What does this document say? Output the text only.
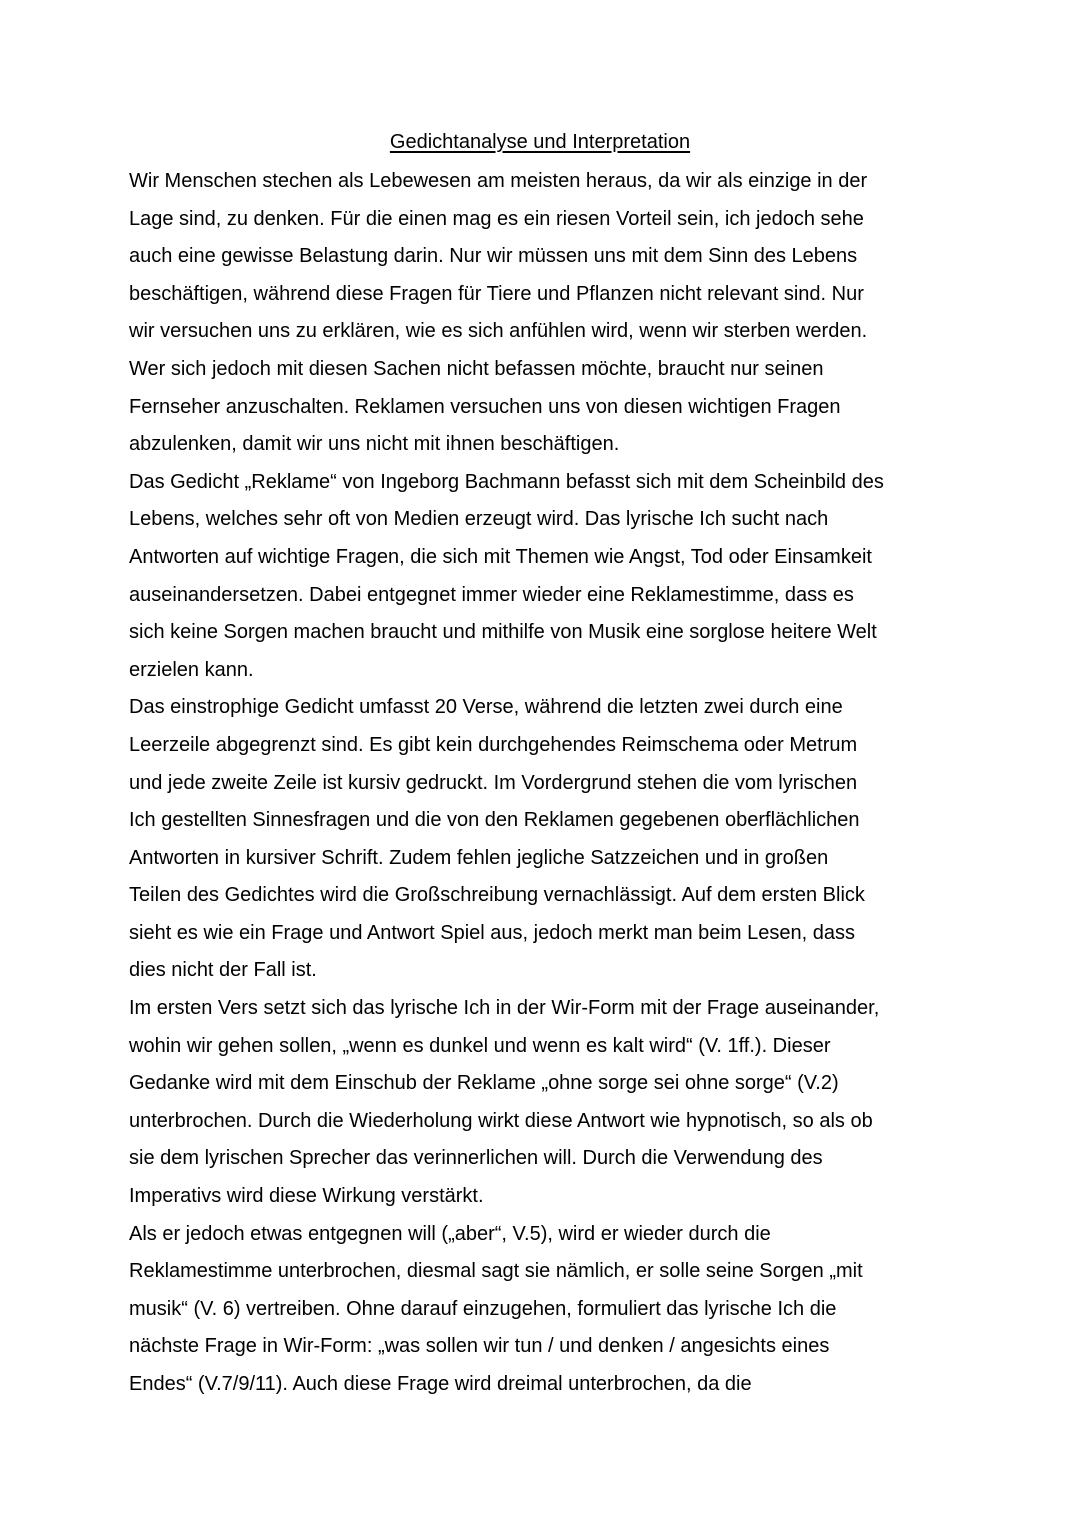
Gedichtanalyse und Interpretation
Wir Menschen stechen als Lebewesen am meisten heraus, da wir als einzige in der
Lage sind, zu denken. Für die einen mag es ein riesen Vorteil sein, ich jedoch sehe
auch eine gewisse Belastung darin. Nur wir müssen uns mit dem Sinn des Lebens
beschäftigen, während diese Fragen für Tiere und Pflanzen nicht relevant sind. Nur
wir versuchen uns zu erklären, wie es sich anfühlen wird, wenn wir sterben werden.
Wer sich jedoch mit diesen Sachen nicht befassen möchte, braucht nur seinen
Fernseher anzuschalten. Reklamen versuchen uns von diesen wichtigen Fragen
abzulenken, damit wir uns nicht mit ihnen beschäftigen.
Das Gedicht „Reklame“ von Ingeborg Bachmann befasst sich mit dem Scheinbild des
Lebens, welches sehr oft von Medien erzeugt wird. Das lyrische Ich sucht nach
Antworten auf wichtige Fragen, die sich mit Themen wie Angst, Tod oder Einsamkeit
auseinandersetzen. Dabei entgegnet immer wieder eine Reklamestimme, dass es
sich keine Sorgen machen braucht und mithilfe von Musik eine sorglose heitere Welt
erzielen kann.
Das einstrophige Gedicht umfasst 20 Verse, während die letzten zwei durch eine
Leerzeile abgegrenzt sind. Es gibt kein durchgehendes Reimschema oder Metrum
und jede zweite Zeile ist kursiv gedruckt. Im Vordergrund stehen die vom lyrischen
Ich gestellten Sinnesfragen und die von den Reklamen gegebenen oberflächlichen
Antworten in kursiver Schrift. Zudem fehlen jegliche Satzzeichen und in großen
Teilen des Gedichtes wird die Großschreibung vernachlässigt. Auf dem ersten Blick
sieht es wie ein Frage und Antwort Spiel aus, jedoch merkt man beim Lesen, dass
dies nicht der Fall ist.
Im ersten Vers setzt sich das lyrische Ich in der Wir-Form mit der Frage auseinander,
wohin wir gehen sollen, „wenn es dunkel und wenn es kalt wird“ (V. 1ff.). Dieser
Gedanke wird mit dem Einschub der Reklame „ohne sorge sei ohne sorge“ (V.2)
unterbrochen. Durch die Wiederholung wirkt diese Antwort wie hypnotisch, so als ob
sie dem lyrischen Sprecher das verinnerlichen will. Durch die Verwendung des
Imperativs wird diese Wirkung verstärkt.
Als er jedoch etwas entgegnen will („aber“, V.5), wird er wieder durch die
Reklamestimme unterbrochen, diesmal sagt sie nämlich, er solle seine Sorgen „mit
musik“ (V. 6) vertreiben. Ohne darauf einzugehen, formuliert das lyrische Ich die
nächste Frage in Wir-Form: „was sollen wir tun / und denken / angesichts eines
Endes“ (V.7/9/11). Auch diese Frage wird dreimal unterbrochen, da die
